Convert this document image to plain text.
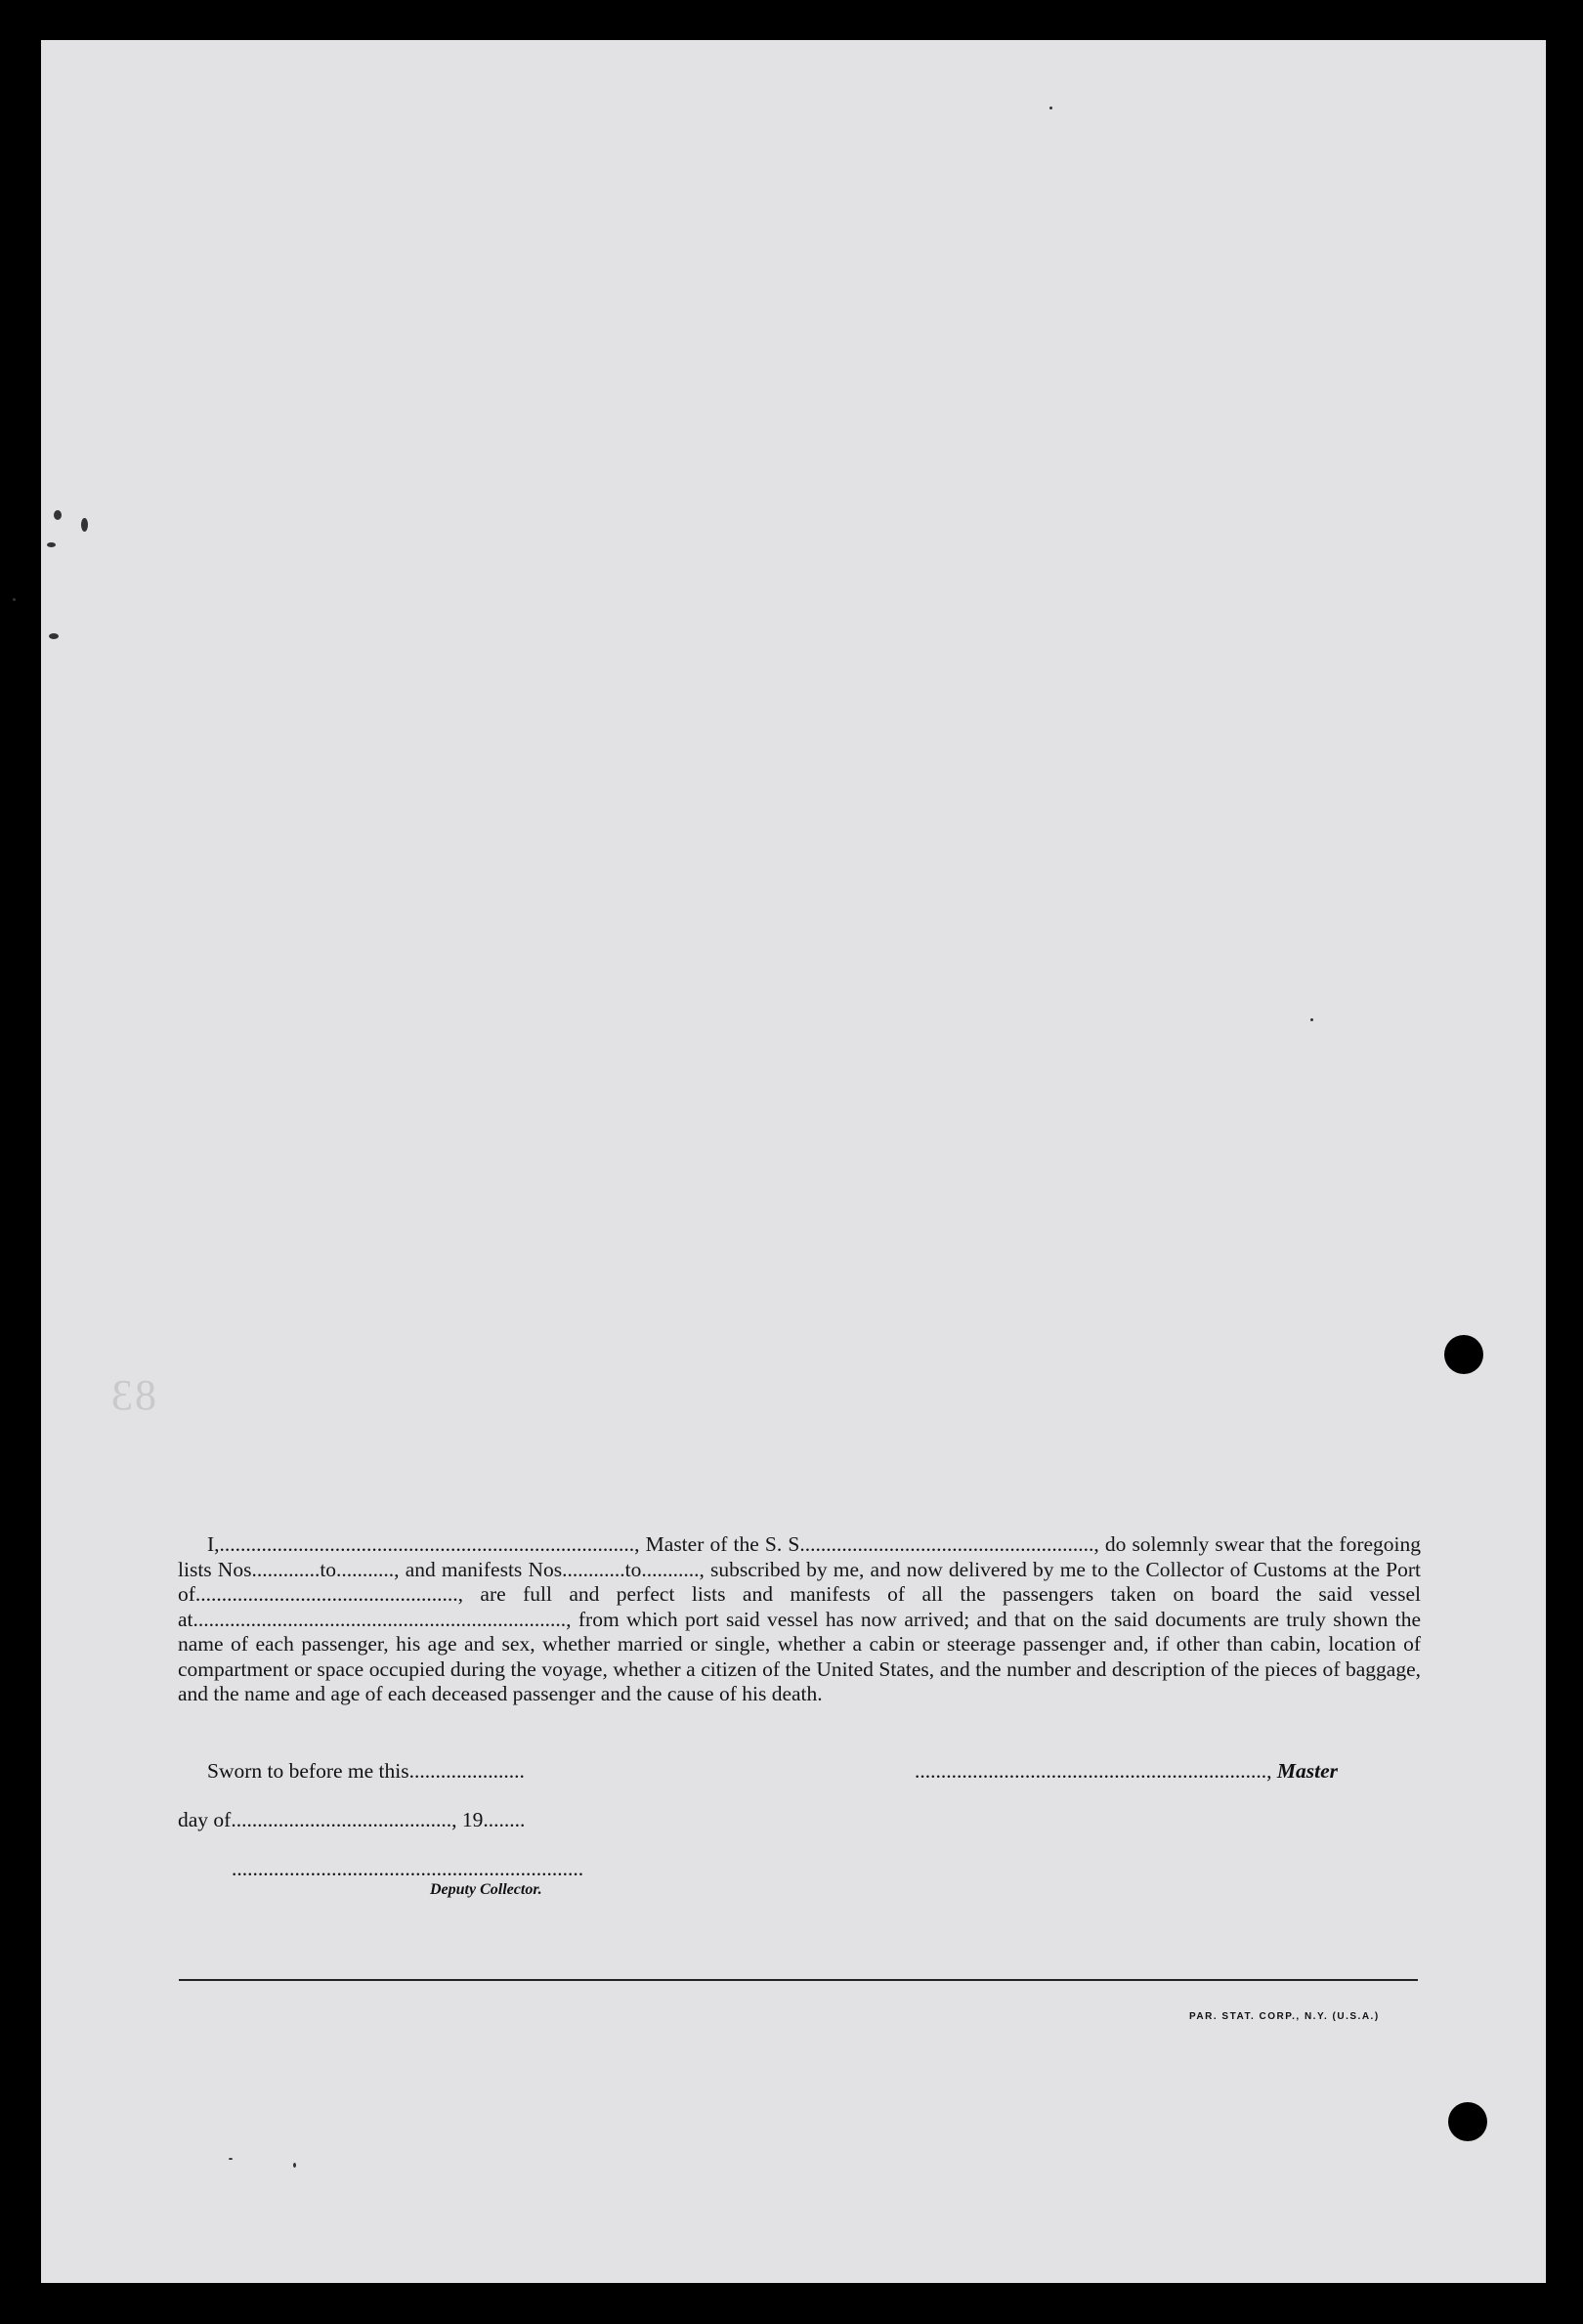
83

I,..............................................................................., Master of the S. S........................................................, do solemnly swear that the foregoing lists Nos.............to..........., and manifests Nos............to..........., subscribed by me, and now delivered by me to the Collector of Customs at the Port of.................................................., are full and perfect lists and manifests of all the passengers taken on board the said vessel at......................................................................., from which port said vessel has now arrived; and that on the said documents are truly shown the name of each passenger, his age and sex, whether married or single, whether a cabin or steerage passenger and, if other than cabin, location of compartment or space occupied during the voyage, whether a citizen of the United States, and the number and description of the pieces of baggage, and the name and age of each deceased passenger and the cause of his death.

Sworn to before me this......................	..................................................................., Master
day of.........................................., 19........
...................................................................
Deputy Collector.
PAR. STAT. CORP., N.Y. (U.S.A.)
